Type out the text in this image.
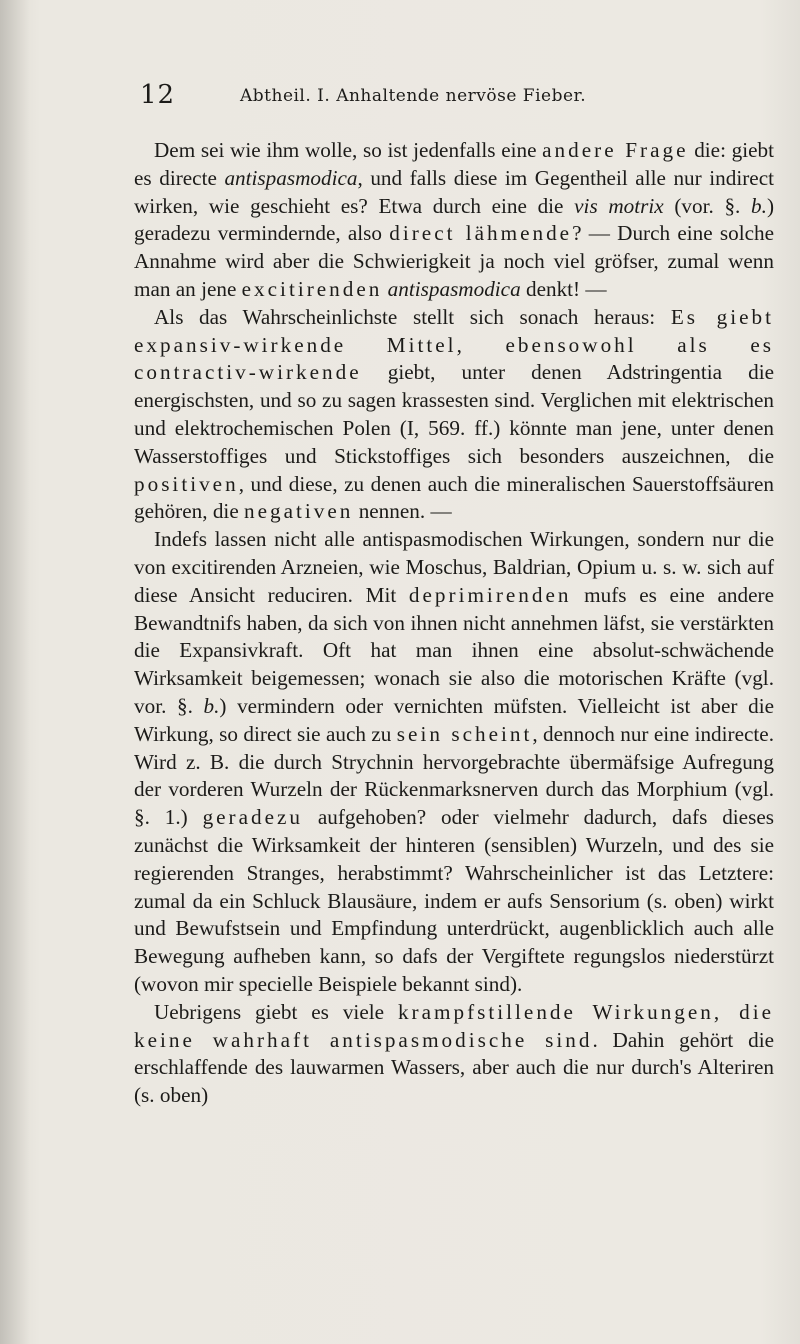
12	Abtheil. I. Anhaltende nervöse Fieber.

Dem sei wie ihm wolle, so ist jedenfalls eine andere Frage die: giebt es directe antispasmodica, und falls diese im Gegentheil alle nur indirect wirken, wie geschieht es? Etwa durch eine die vis motrix (vor. §. b.) geradezu vermindernde, also direct lähmende? — Durch eine solche Annahme wird aber die Schwierigkeit ja noch viel gröfser, zumal wenn man an jene excitirenden antispasmodica denkt! —

Als das Wahrscheinlichste stellt sich sonach heraus: Es giebt expansiv-wirkende Mittel, ebensowohl als es contractiv-wirkende giebt, unter denen Adstringentia die energischsten, und so zu sagen krassesten sind. Verglichen mit elektrischen und elektrochemischen Polen (I, 569. ff.) könnte man jene, unter denen Wasserstoffiges und Stickstoffiges sich besonders auszeichnen, die positiven, und diese, zu denen auch die mineralischen Sauerstoffsäuren gehören, die negativen nennen. —

Indefs lassen nicht alle antispasmodischen Wirkungen, sondern nur die von excitirenden Arzneien, wie Moschus, Baldrian, Opium u. s. w. sich auf diese Ansicht reduciren. Mit deprimirenden mufs es eine andere Bewandtnifs haben, da sich von ihnen nicht annehmen läfst, sie verstärkten die Expansivkraft. Oft hat man ihnen eine absolut-schwächende Wirksamkeit beigemessen; wonach sie also die motorischen Kräfte (vgl. vor. §. b.) vermindern oder vernichten müfsten. Vielleicht ist aber die Wirkung, so direct sie auch zu sein scheint, dennoch nur eine indirecte. Wird z. B. die durch Strychnin hervorgebrachte übermäfsige Aufregung der vorderen Wurzeln der Rückenmarksnerven durch das Morphium (vgl. §. 1.) geradezu aufgehoben? oder vielmehr dadurch, dafs dieses zunächst die Wirksamkeit der hinteren (sensiblen) Wurzeln, und des sie regierenden Stranges, herabstimmt? Wahrscheinlicher ist das Letztere: zumal da ein Schluck Blausäure, indem er aufs Sensorium (s. oben) wirkt und Bewufstsein und Empfindung unterdrückt, augenblicklich auch alle Bewegung aufheben kann, so dafs der Vergiftete regungslos niederstürzt (wovon mir specielle Beispiele bekannt sind).

Uebrigens giebt es viele krampfstillende Wirkungen, die keine wahrhaft antispasmodische sind. Dahin gehört die erschlaffende des lauwarmen Wassers, aber auch die nur durch's Alteriren (s. oben)
